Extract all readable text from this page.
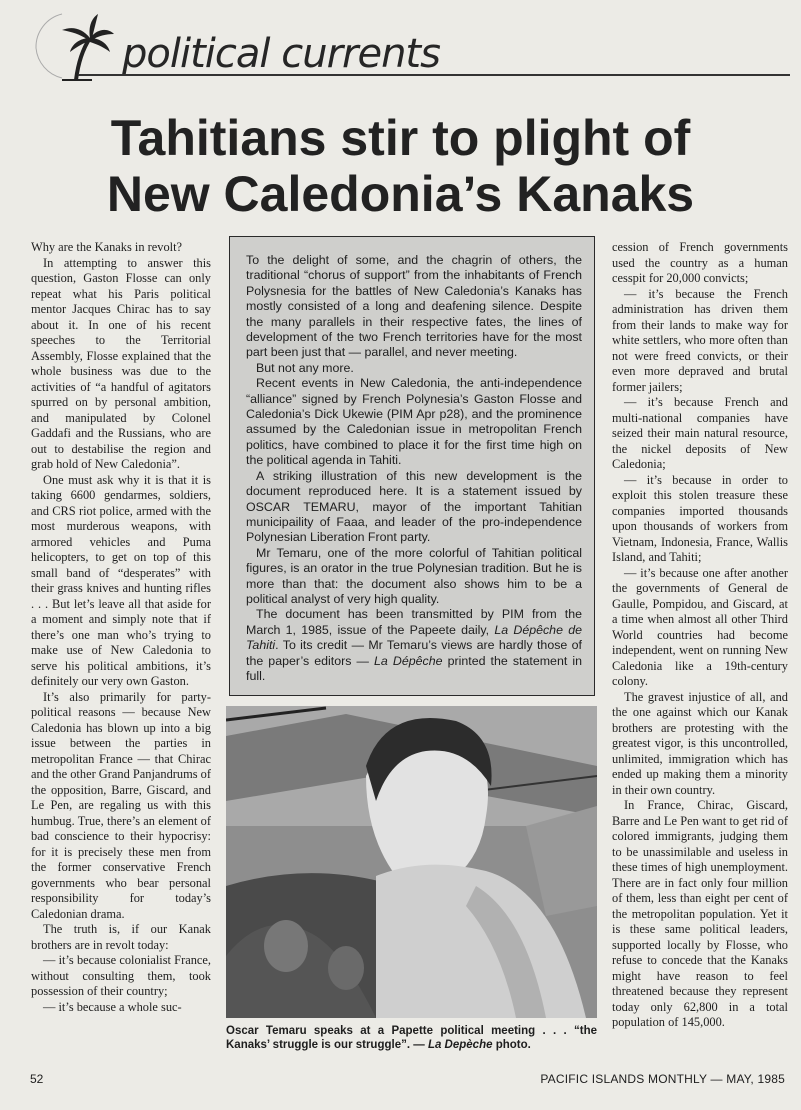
political currents
Tahitians stir to plight of
New Caledonia’s Kanaks

Why are the Kanaks in revolt?

In attempting to answer this question, Gaston Flosse can only repeat what his Paris political mentor Jacques Chirac has to say about it. In one of his recent speeches to the Territorial Assembly, Flosse explained that the whole business was due to the activities of “a handful of agitators spurred on by personal ambition, and manipulated by Colonel Gaddafi and the Russians, who are out to destabilise the region and grab hold of New Caledonia”.

One must ask why it is that it is taking 6600 gendarmes, soldiers, and CRS riot police, armed with the most murderous weapons, with armored vehicles and Puma helicopters, to get on top of this small band of “desperates” with their grass knives and hunting rifles . . . But let’s leave all that aside for a moment and simply note that if there’s one man who’s trying to make use of New Caledonia to serve his political ambitions, it’s definitely our very own Gaston.

It’s also primarily for party-political reasons — because New Caledonia has blown up into a big issue between the parties in metropolitan France — that Chirac and the other Grand Panjandrums of the opposition, Barre, Giscard, and Le Pen, are regaling us with this humbug. True, there’s an element of bad conscience to their hypocrisy: for it is precisely these men from the former conservative French governments who bear personal responsibility for today’s Caledonian drama.

The truth is, if our Kanak brothers are in revolt today:

— it’s because colonialist France, without consulting them, took possession of their country;

— it’s because a whole suc-

To the delight of some, and the chagrin of others, the traditional “chorus of support” from the inhabitants of French Polysnesia for the battles of New Caledonia’s Kanaks has mostly consisted of a long and deafening silence. Despite the many parallels in their respective fates, the lines of development of the two French territories have for the most part been just that — parallel, and never meeting.

But not any more.

Recent events in New Caledonia, the anti-independence “alliance” signed by French Polynesia’s Gaston Flosse and Caledonia’s Dick Ukewie (PIM Apr p28), and the prominence assumed by the Caledonian issue in metropolitan French politics, have combined to place it for the first time high on the political agenda in Tahiti.

A striking illustration of this new development is the document reproduced here. It is a statement issued by OSCAR TEMARU, mayor of the important Tahitian municipaility of Faaa, and leader of the pro-independence Polynesian Liberation Front party.

Mr Temaru, one of the more colorful of Tahitian political figures, is an orator in the true Polynesian tradition. But he is more than that: the document also shows him to be a political analyst of very high quality.

The document has been transmitted by PIM from the March 1, 1985, issue of the Papeete daily, La Dépêche de Tahiti. To its credit — Mr Temaru’s views are hardly those of the paper’s editors — La Dépêche printed the statement in full.

Oscar Temaru speaks at a Papette political meeting . . . “the Kanaks’ struggle is our struggle”. — La Depèche photo.

cession of French governments used the country as a human cesspit for 20,000 convicts;

— it’s because the French administration has driven them from their lands to make way for white settlers, who more often than not were freed convicts, or their even more depraved and brutal former jailers;

— it’s because French and multi-national companies have seized their main natural resource, the nickel deposits of New Caledonia;

— it’s because in order to exploit this stolen treasure these companies imported thousands upon thousands of workers from Vietnam, Indonesia, France, Wallis Island, and Tahiti;

— it’s because one after another the governments of General de Gaulle, Pompidou, and Giscard, at a time when almost all other Third World countries had become independent, went on running New Caledonia like a 19th-century colony.

The gravest injustice of all, and the one against which our Kanak brothers are protesting with the greatest vigor, is this uncontrolled, unlimited, immigration which has ended up making them a minority in their own country.

In France, Chirac, Giscard, Barre and Le Pen want to get rid of colored immigrants, judging them to be unassimilable and useless in these times of high unemployment. There are in fact only four million of them, less than eight per cent of the metropolitan population. Yet it is these same political leaders, supported locally by Flosse, who refuse to concede that the Kanaks might have reason to feel threatened because they represent today only 62,800 in a total population of 145,000.

52	PACIFIC ISLANDS MONTHLY — MAY, 1985
